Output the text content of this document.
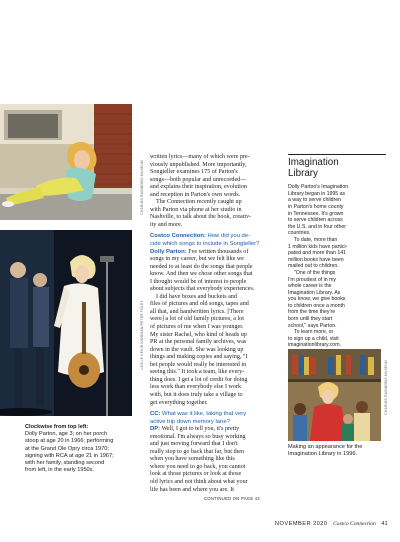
CHARIOS RAINBOWS MUSEUM
LESLIE KEVIN KINGMAN/PETER FOLEY
Clockwise from top left:
Dolly Parton, age 3; on her porch
stoop at age 20 in 1966; performing
at the Grand Ole Opry circa 1970;
signing with RCA at age 21 in 1967;
with her family, standing second
from left, in the early 1950s.
written lyrics—many of which were pre-
viously unpublished. More importantly,
Songteller examines 175 of Parton's
songs—both popular and unrecorded—
and explains their inspiration, evolution
and reception in Parton's own words.
The Connection recently caught up
with Parton via phone at her studio in
Nashville, to talk about the book, creativ-
ity and more.
Costco Connection: How did you de-
cide which songs to include in Songteller?
Dolly Parton: I've written thousands of
songs in my career, but we felt like we
needed to at least do the songs that people
know. And then we chose other songs that
I thought would be of interest to people
about subjects that everybody experiences.
I did have boxes and buckets and
files of pictures and old songs, tapes and
all that, and handwritten lyrics. [There
were] a lot of old family pictures, a lot
of pictures of me when I was younger.
My sister Rachel, who kind of heads up
PR at the personal family archives, was
down in the vault. She was looking up
things and making copies and saying, "I
bet people would really be interested in
seeing this." It took a team, like every-
thing does. I get a lot of credit for doing
less work than everybody else I work
with, but it does truly take a village to
get everything together.
CC: What was it like, taking that very
active trip down memory lane?
DP: Well, I got to tell you, it's pretty
emotional. I'm always so busy working
and just moving forward that I don't
really stop to go back that far, but then
when you have something like this
where you need to go back, you cannot
look at those pictures or look at those
old lyrics and not think about what your
life has been and where you are. It
CONTINUED ON PAGE 42
Imagination
Library
Dolly Parton's Imagination
Library began in 1995 as
a way to serve children
in Parton's home county
in Tennessee. It's grown
to serve children across
the U.S. and in four other
countries.
To date, more than
1 million kids have partici-
pated and more than 141
million books have been
mailed out to children.
"One of the things
I'm proudest of in my
whole career is the
Imagination Library. As
you know, we give books
to children once a month
from the time they're
born until they start
school," says Parton.
To learn more, or
to sign up a child, visit
imaginationlibrary.com.
CHARIOS RAINBOWS MUSEUM
Making an appearance for the
Imagination Library in 1996.
NOVEMBER 2020 Costco Connection 41
